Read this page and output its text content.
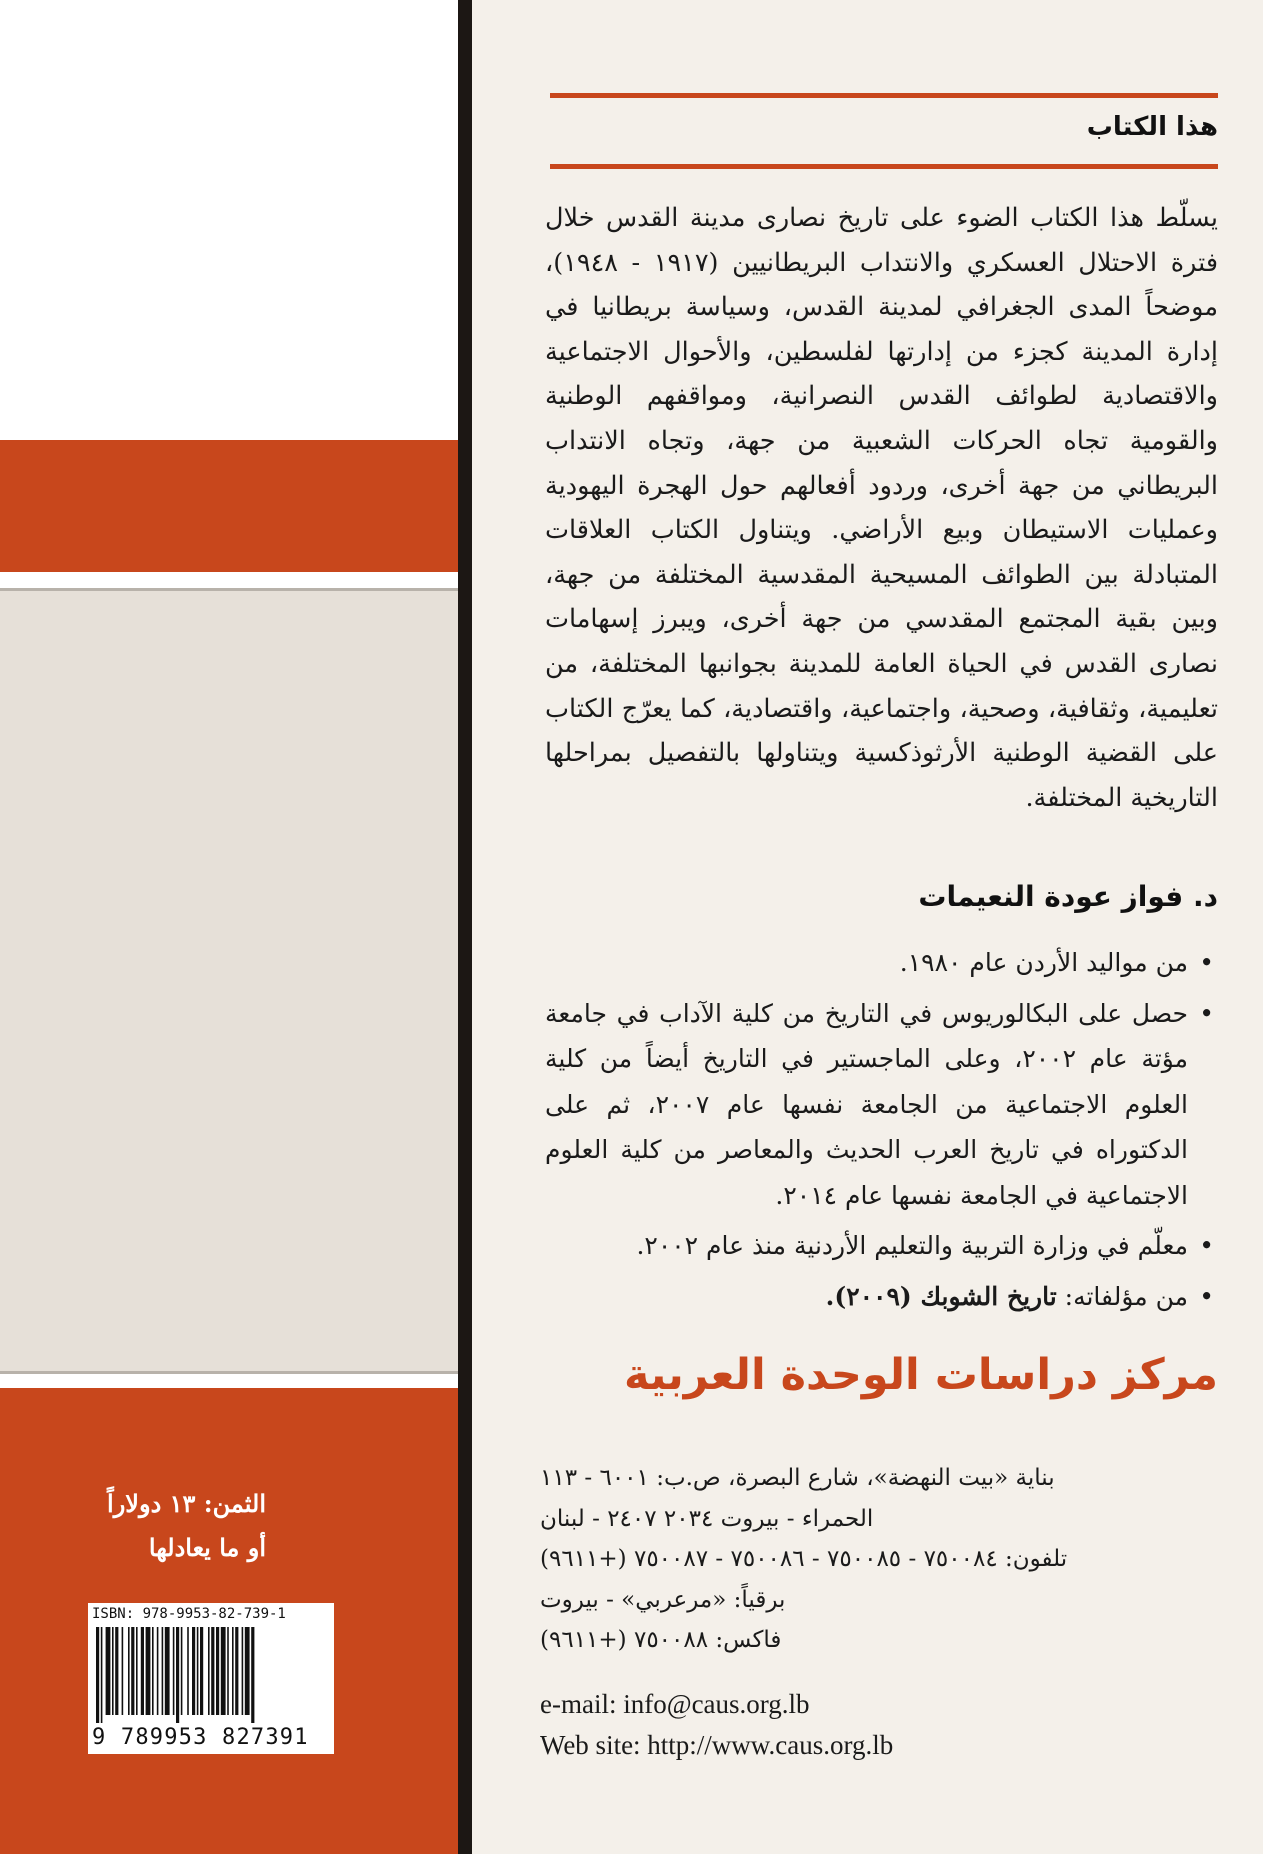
هذا الكتاب
يسلّط هذا الكتاب الضوء على تاريخ نصارى مدينة القدس خلال فترة الاحتلال العسكري والانتداب البريطانيين (١٩١٧ - ١٩٤٨)، موضحاً المدى الجغرافي لمدينة القدس، وسياسة بريطانيا في إدارة المدينة كجزء من إدارتها لفلسطين، والأحوال الاجتماعية والاقتصادية لطوائف القدس النصرانية، ومواقفهم الوطنية والقومية تجاه الحركات الشعبية من جهة، وتجاه الانتداب البريطاني من جهة أخرى، وردود أفعالهم حول الهجرة اليهودية وعمليات الاستيطان وبيع الأراضي. ويتناول الكتاب العلاقات المتبادلة بين الطوائف المسيحية المقدسية المختلفة من جهة، وبين بقية المجتمع المقدسي من جهة أخرى، ويبرز إسهامات نصارى القدس في الحياة العامة للمدينة بجوانبها المختلفة، من تعليمية، وثقافية، وصحية، واجتماعية، واقتصادية، كما يعرّج الكتاب على القضية الوطنية الأرثوذكسية ويتناولها بالتفصيل بمراحلها التاريخية المختلفة.
د. فواز عودة النعيمات
• من مواليد الأردن عام ١٩٨٠.
• حصل على البكالوريوس في التاريخ من كلية الآداب في جامعة مؤتة عام ٢٠٠٢، وعلى الماجستير في التاريخ أيضاً من كلية العلوم الاجتماعية من الجامعة نفسها عام ٢٠٠٧، ثم على الدكتوراه في تاريخ العرب الحديث والمعاصر من كلية العلوم الاجتماعية في الجامعة نفسها عام ٢٠١٤.
• معلّم في وزارة التربية والتعليم الأردنية منذ عام ٢٠٠٢.
• من مؤلفاته: تاريخ الشوبك (٢٠٠٩).
مركز دراسات الوحدة العربية
بناية «بيت النهضة»، شارع البصرة، ص.ب: ٦٠٠١ - ١١٣
الحمراء - بيروت ٢٠٣٤ ٢٤٠٧ - لبنان
تلفون: ٧٥٠٠٨٤ - ٧٥٠٠٨٥ - ٧٥٠٠٨٦ - ٧٥٠٠٨٧ (+٩٦١١)
برقياً: «مرعربي» - بيروت
فاكس: ٧٥٠٠٨٨ (+٩٦١١)
e-mail: info@caus.org.lb
Web site: http://www.caus.org.lb
الثمن: ١٣ دولاراً
أو ما يعادلها
ISBN: 978-9953-82-739-1
9 789953 827391
